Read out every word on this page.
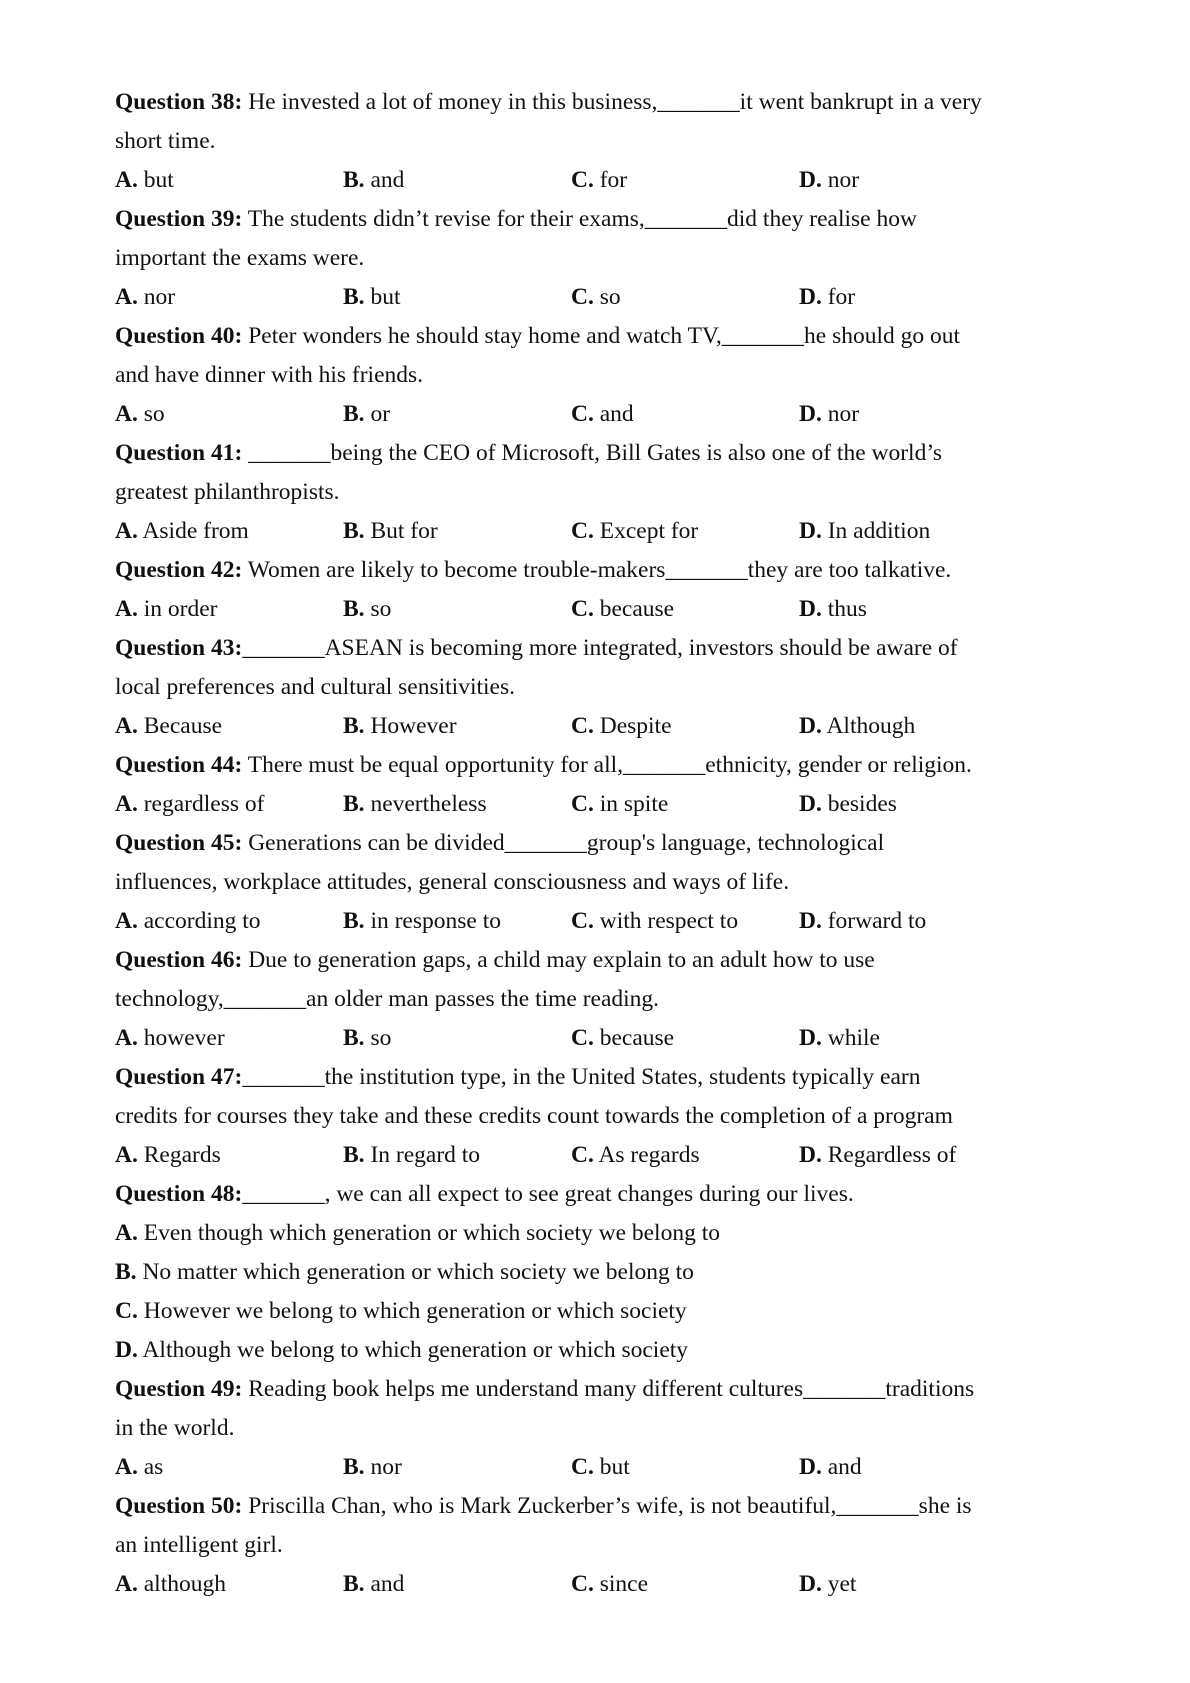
Question 38: He invested a lot of money in this business,_______it went bankrupt in a very
short time.
A. but	B. and	C. for	D. nor
Question 39: The students didn’t revise for their exams,_______did they realise how
important the exams were.
A. nor	B. but	C. so	D. for
Question 40: Peter wonders he should stay home and watch TV,_______he should go out
and have dinner with his friends.
A. so	B. or	C. and	D. nor
Question 41: _______being the CEO of Microsoft, Bill Gates is also one of the world’s
greatest philanthropists.
A. Aside from	B. But for	C. Except for	D. In addition
Question 42: Women are likely to become trouble-makers_______they are too talkative.
A. in order	B. so	C. because	D. thus
Question 43:_______ASEAN is becoming more integrated, investors should be aware of
local preferences and cultural sensitivities.
A. Because	B. However	C. Despite	D. Although
Question 44: There must be equal opportunity for all,_______ethnicity, gender or religion.
A. regardless of	B. nevertheless	C. in spite	D. besides
Question 45: Generations can be divided_______group's language, technological
influences, workplace attitudes, general consciousness and ways of life.
A. according to	B. in response to	C. with respect to	D. forward to
Question 46: Due to generation gaps, a child may explain to an adult how to use
technology,_______an older man passes the time reading.
A. however	B. so	C. because	D. while
Question 47:_______the institution type, in the United States, students typically earn
credits for courses they take and these credits count towards the completion of a program
A. Regards	B. In regard to	C. As regards	D. Regardless of
Question 48:_______, we can all expect to see great changes during our lives.
A. Even though which generation or which society we belong to
B. No matter which generation or which society we belong to
C. However we belong to which generation or which society
D. Although we belong to which generation or which society
Question 49: Reading book helps me understand many different cultures_______traditions
in the world.
A. as	B. nor	C. but	D. and
Question 50: Priscilla Chan, who is Mark Zuckerber’s wife, is not beautiful,_______she is
an intelligent girl.
A. although	B. and	C. since	D. yet
